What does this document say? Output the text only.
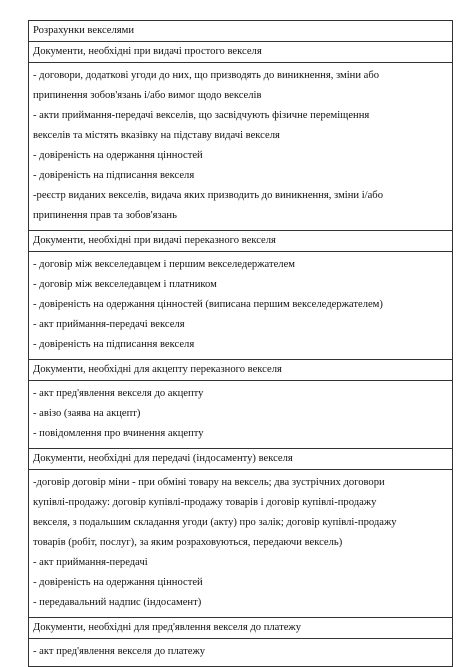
Розрахунки векселями

Документи, необхідні при видачі простого векселя

- договори, додаткові угоди до них, що призводять до виникнення, зміни або
припинення зобов'язань і/або вимог щодо векселів
- акти приймання-передачі векселів, що засвідчують фізичне переміщення
векселів та містять вказівку на підставу видачі векселя
- довіреність на одержання цінностей
- довіреність на підписання векселя
-реєстр виданих векселів, видача яких призводить до виникнення, зміни і/або
припинення прав та зобов'язань

Документи, необхідні при видачі переказного векселя

- договір між векселедавцем і першим векселедержателем
- договір між векселедавцем і платником
- довіреність на одержання цінностей (виписана першим векселедержателем)
- акт приймання-передачі векселя
- довіреність на підписання векселя

Документи, необхідні для акцепту переказного векселя

- акт пред'явлення векселя до акцепту
- авізо (заява на акцепт)
- повідомлення про вчинення акцепту

Документи, необхідні для передачі (індосаменту) векселя

-договір договір міни - при обміні товару на вексель; два зустрічних договори
купівлі-продажу: договір купівлі-продажу товарів і договір купівлі-продажу
векселя, з подальшим складання угоди (акту) про залік; договір купівлі-продажу
товарів (робіт, послуг), за яким розраховуються, передаючи вексель)
- акт приймання-передачі
- довіреність на одержання цінностей
- передавальний надпис (індосамент)

Документи, необхідні для пред'явлення векселя до платежу

- акт пред'явлення векселя до платежу
